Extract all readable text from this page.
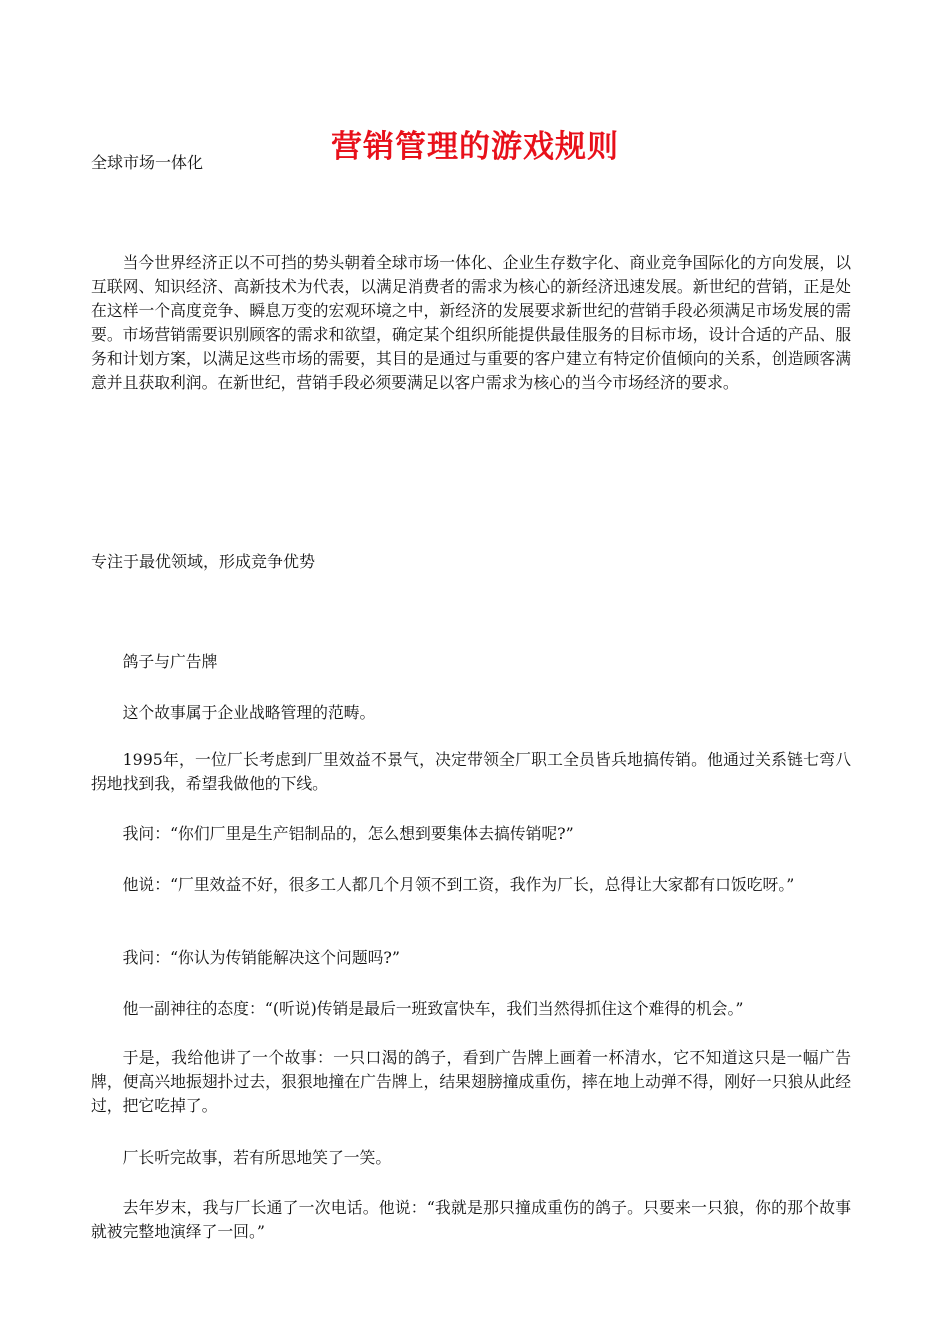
营销管理的游戏规则

全球市场一体化

当今世界经济正以不可挡的势头朝着全球市场一体化、企业生存数字化、商业竞争国际化的方向发展，以互联网、知识经济、高新技术为代表，以满足消费者的需求为核心的新经济迅速发展。新世纪的营销，正是处在这样一个高度竞争、瞬息万变的宏观环境之中，新经济的发展要求新世纪的营销手段必须满足市场发展的需要。市场营销需要识别顾客的需求和欲望，确定某个组织所能提供最佳服务的目标市场，设计合适的产品、服务和计划方案，以满足这些市场的需要，其目的是通过与重要的客户建立有特定价值倾向的关系，创造顾客满意并且获取利润。在新世纪，营销手段必须要满足以客户需求为核心的当今市场经济的要求。

专注于最优领域，形成竞争优势

鸽子与广告牌

这个故事属于企业战略管理的范畴。

1995年，一位厂长考虑到厂里效益不景气，决定带领全厂职工全员皆兵地搞传销。他通过关系链七弯八拐地找到我，希望我做他的下线。

我问：“你们厂里是生产铝制品的，怎么想到要集体去搞传销呢?”

他说：“厂里效益不好，很多工人都几个月领不到工资，我作为厂长，总得让大家都有口饭吃呀。”

我问：“你认为传销能解决这个问题吗?”

他一副神往的态度：“(听说)传销是最后一班致富快车，我们当然得抓住这个难得的机会。”

于是，我给他讲了一个故事：一只口渴的鸽子，看到广告牌上画着一杯清水，它不知道这只是一幅广告牌，便高兴地振翅扑过去，狠狠地撞在广告牌上，结果翅膀撞成重伤，摔在地上动弹不得，刚好一只狼从此经过，把它吃掉了。

厂长听完故事，若有所思地笑了一笑。

去年岁末，我与厂长通了一次电话。他说：“我就是那只撞成重伤的鸽子。只要来一只狼，你的那个故事就被完整地演绎了一回。”
